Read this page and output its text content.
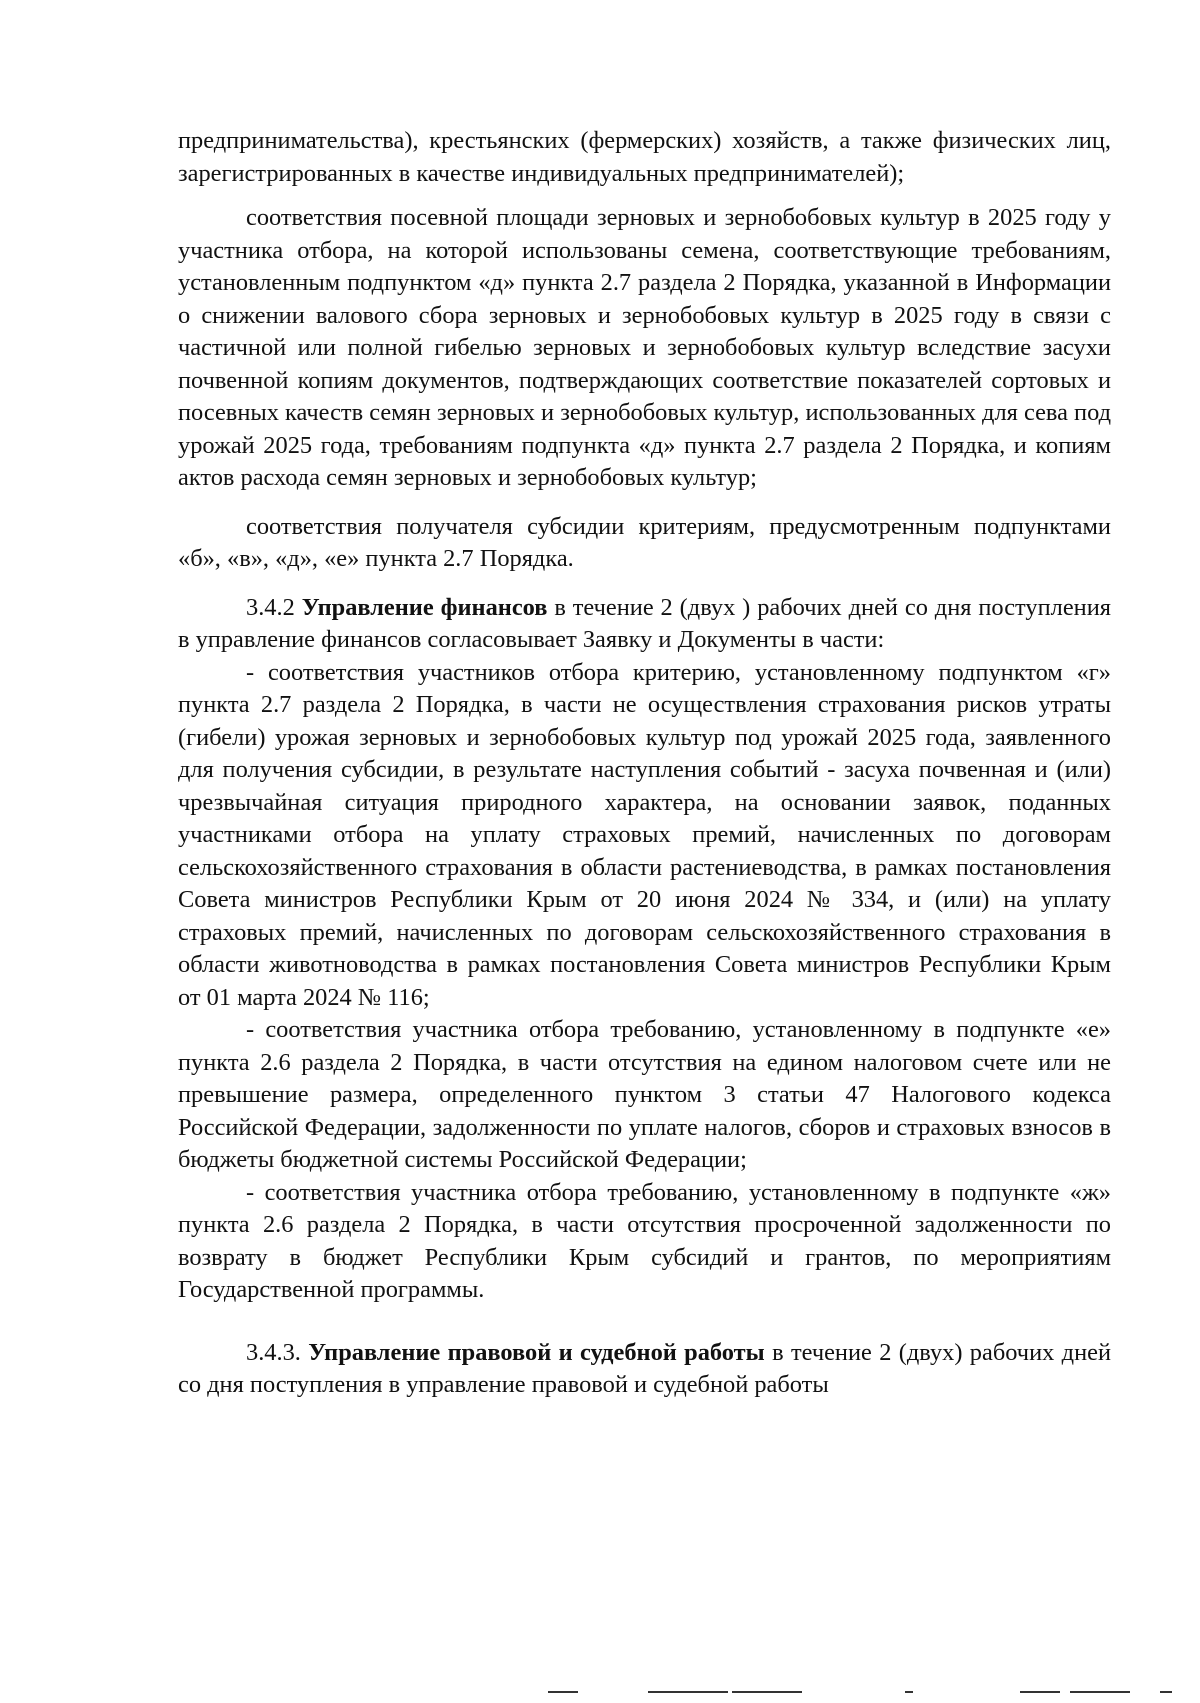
предпринимательства), крестьянских (фермерских) хозяйств, а также физических лиц, зарегистрированных в качестве индивидуальных предпринимателей);

соответствия посевной площади зерновых и зернобобовых культур в 2025 году у участника отбора, на которой использованы семена, соответствующие требованиям, установленным подпунктом «д» пункта 2.7 раздела 2 Порядка, указанной в Информации о снижении валового сбора зерновых и зернобобовых культур в 2025 году в связи с частичной или полной гибелью зерновых и зернобобовых культур вследствие засухи почвенной копиям документов, подтверждающих соответствие показателей сортовых и посевных качеств семян зерновых и зернобобовых культур, использованных для сева под урожай 2025 года, требованиям подпункта «д» пункта 2.7 раздела 2 Порядка, и копиям актов расхода семян зерновых и зернобобовых культур;

соответствия получателя субсидии критериям, предусмотренным подпунктами «б», «в», «д», «е» пункта 2.7 Порядка.

3.4.2 Управление финансов в течение 2 (двух ) рабочих дней со дня поступления в управление финансов согласовывает Заявку и Документы в части:

- соответствия участников отбора критерию, установленному подпунктом «г» пункта 2.7 раздела 2 Порядка, в части не осуществления страхования рисков утраты (гибели) урожая зерновых и зернобобовых культур под урожай 2025 года, заявленного для получения субсидии, в результате наступления событий - засуха почвенная и (или) чрезвычайная ситуация природного характера, на основании заявок, поданных участниками отбора на уплату страховых премий, начисленных по договорам сельскохозяйственного страхования в области растениеводства, в рамках постановления Совета министров Республики Крым от 20 июня 2024 № 334, и (или) на уплату страховых премий, начисленных по договорам сельскохозяйственного страхования в области животноводства в рамках постановления Совета министров Республики Крым от 01 марта 2024 № 116;

- соответствия участника отбора требованию, установленному в подпункте «е» пункта 2.6 раздела 2 Порядка, в части отсутствия на едином налоговом счете или не превышение размера, определенного пунктом 3 статьи 47 Налогового кодекса Российской Федерации, задолженности по уплате налогов, сборов и страховых взносов в бюджеты бюджетной системы Российской Федерации;

- соответствия участника отбора требованию, установленному в подпункте «ж» пункта 2.6 раздела 2 Порядка, в части отсутствия просроченной задолженности по возврату в бюджет Республики Крым субсидий и грантов, по мероприятиям Государственной программы.

3.4.3. Управление правовой и судебной работы в течение 2 (двух) рабочих дней со дня поступления в управление правовой и судебной работы
